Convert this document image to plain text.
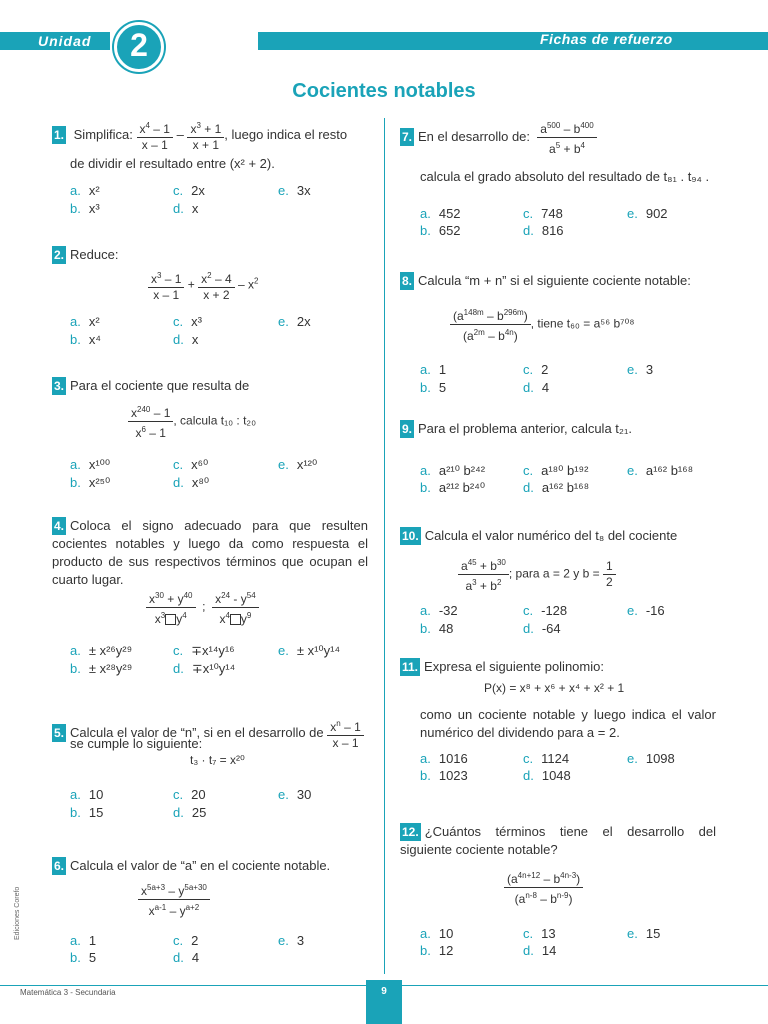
Unidad	2	Fichas de refuerzo
Cocientes notables
Ediciones Corefo
1. Simplifica: $\frac{x^4 - 1}{x - 1} - \frac{x^3 + 1}{x + 1}$ , luego indica el resto
de dividir el resultado entre (x² + 2).
a. x²
b. x³
c. 2x
d. x
e. 3x
2. Reduce:
$\frac{x^3 - 1}{x - 1} + \frac{x^2 - 4}{x + 2} - x^2$
a. x²
b. x⁴
c. x³
d. x
e. 2x
3. Para el cociente que resulta de
$\frac{x^{240} - 1}{x^6 - 1}$ , calcula t₁₀ : t₂₀
a. x¹⁰⁰
b. x²⁵⁰
c. x⁶⁰
d. x⁸⁰
e. x¹²⁰
4. Coloca el signo adecuado para que resulten cocientes notables y luego da como respuesta el producto de sus respectivos términos que ocupan el cuarto lugar.
$\frac{x^{30} + y^{40}}{x^3 y^4}$ ; $\frac{x^{24} - y^{54}}{x^4 y^9}$
a. ± x²⁶y²⁹
b. ± x²⁸y²⁹
c. ∓x¹⁴y¹⁶
d. ∓x¹⁰y¹⁴
e. ± x¹⁰y¹⁴
5. Calcula el valor de “n”, si en el desarrollo de $\frac{x^n - 1}{x - 1}$
se cumple lo siguiente:
t₃ · t₇ = x²⁰
a. 10
b. 15
c. 20
d. 25
e. 30
6. Calcula el valor de “a” en el cociente notable.
$\frac{x^{5a+3} - y^{5a+30}}{x^{a-1} - y^{a+2}}$
a. 1
b. 5
c. 2
d. 4
e. 3
7. En el desarrollo de: $\frac{a^{500} - b^{400}}{a^5 + b^4}$
calcula el grado absoluto del resultado de t₈₁ . t₉₄ .
a. 452
b. 652
c. 748
d. 816
e. 902
8. Calcula “m + n” si el siguiente cociente notable:
$\frac{(a^{148m} - b^{296m})}{(a^{2m} - b^{4n})}$ , tiene t₆₀ = a⁵⁶ b⁷⁰⁸
a. 1
b. 5
c. 2
d. 4
e. 3
9. Para el problema anterior, calcula t₂₁.
a. a²¹⁰ b²⁴²
b. a²¹² b²⁴⁰
c. a¹⁸⁰ b¹⁹²
d. a¹⁶² b¹⁶⁸
e. a¹⁶² b¹⁶⁸
10. Calcula el valor numérico del t₈ del cociente
$\frac{a^{45} + b^{30}}{a^3 + b^2}$ ; para a = 2 y $b = \frac{1}{2}$
a. -32
b. 48
c. -128
d. -64
e. -16
11. Expresa el siguiente polinomio:
P(x) = x⁸ + x⁶ + x⁴ + x² + 1
como un cociente notable y luego indica el valor numérico del dividendo para a = 2.
a. 1016
b. 1023
c. 1124
d. 1048
e. 1098
12. ¿Cuántos términos tiene el desarrollo del siguiente cociente notable?
$\frac{(a^{4n+12} - b^{4n-3})}{(a^{n-8} - b^{n-9})}$
a. 10
b. 12
c. 13
d. 14
e. 15
Matemática 3 - Secundaria	9
